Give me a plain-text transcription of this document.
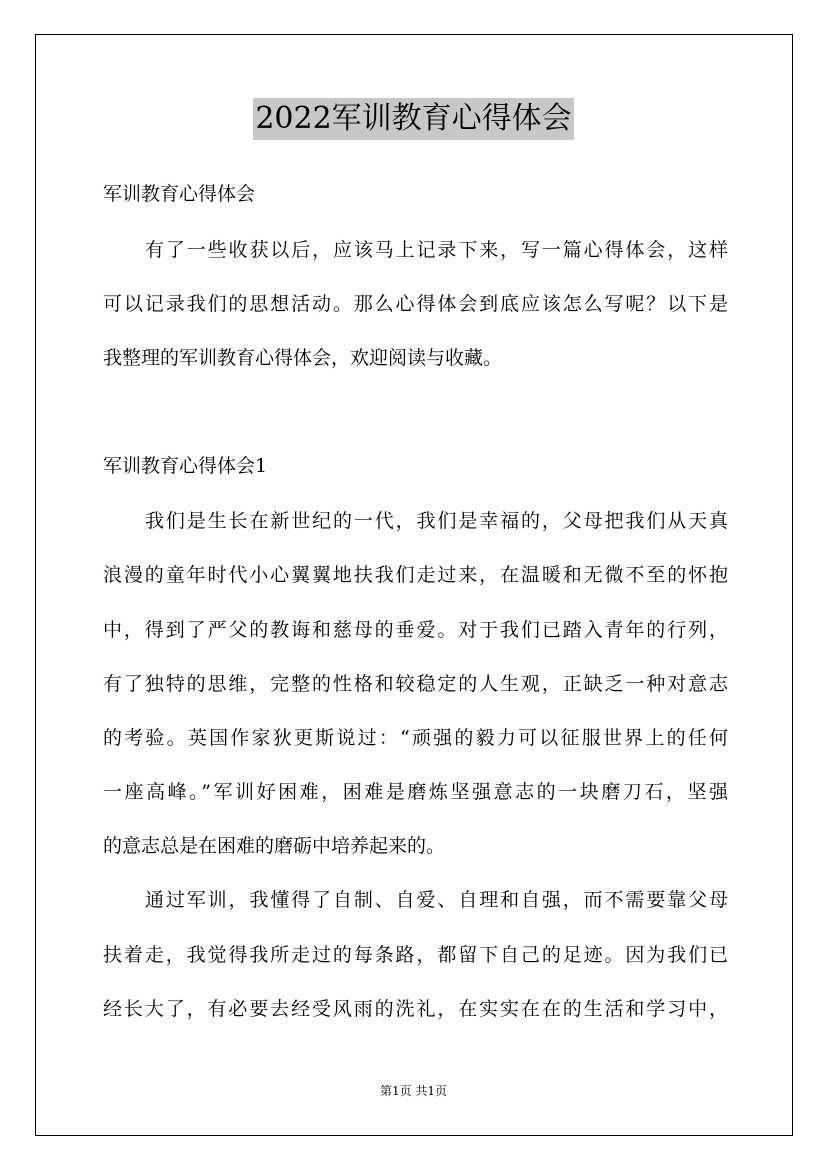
2022军训教育心得体会

军训教育心得体会

有了一些收获以后，应该马上记录下来，写一篇心得体会，这样

可以记录我们的思想活动。那么心得体会到底应该怎么写呢？以下是

我整理的军训教育心得体会，欢迎阅读与收藏。

军训教育心得体会1

我们是生长在新世纪的一代，我们是幸福的，父母把我们从天真

浪漫的童年时代小心翼翼地扶我们走过来，在温暖和无微不至的怀抱

中，得到了严父的教诲和慈母的垂爱。对于我们已踏入青年的行列，

有了独特的思维，完整的性格和较稳定的人生观，正缺乏一种对意志

的考验。英国作家狄更斯说过：“顽强的毅力可以征服世界上的任何

一座高峰。”军训好困难，困难是磨炼坚强意志的一块磨刀石，坚强

的意志总是在困难的磨砺中培养起来的。

通过军训，我懂得了自制、自爱、自理和自强，而不需要靠父母

扶着走，我觉得我所走过的每条路，都留下自己的足迹。因为我们已

经长大了，有必要去经受风雨的洗礼，在实实在在的生活和学习中，

第1页 共1页
